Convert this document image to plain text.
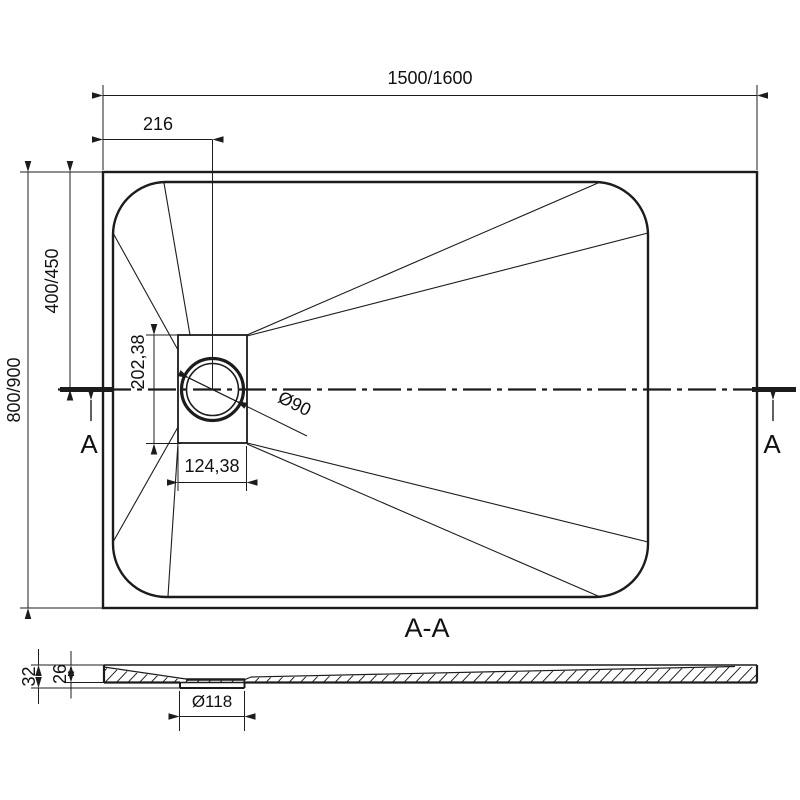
Ø90
A	A
1500/1600
216
800/900
400/450
202,38
124,38
A-A
32 26
Ø118
